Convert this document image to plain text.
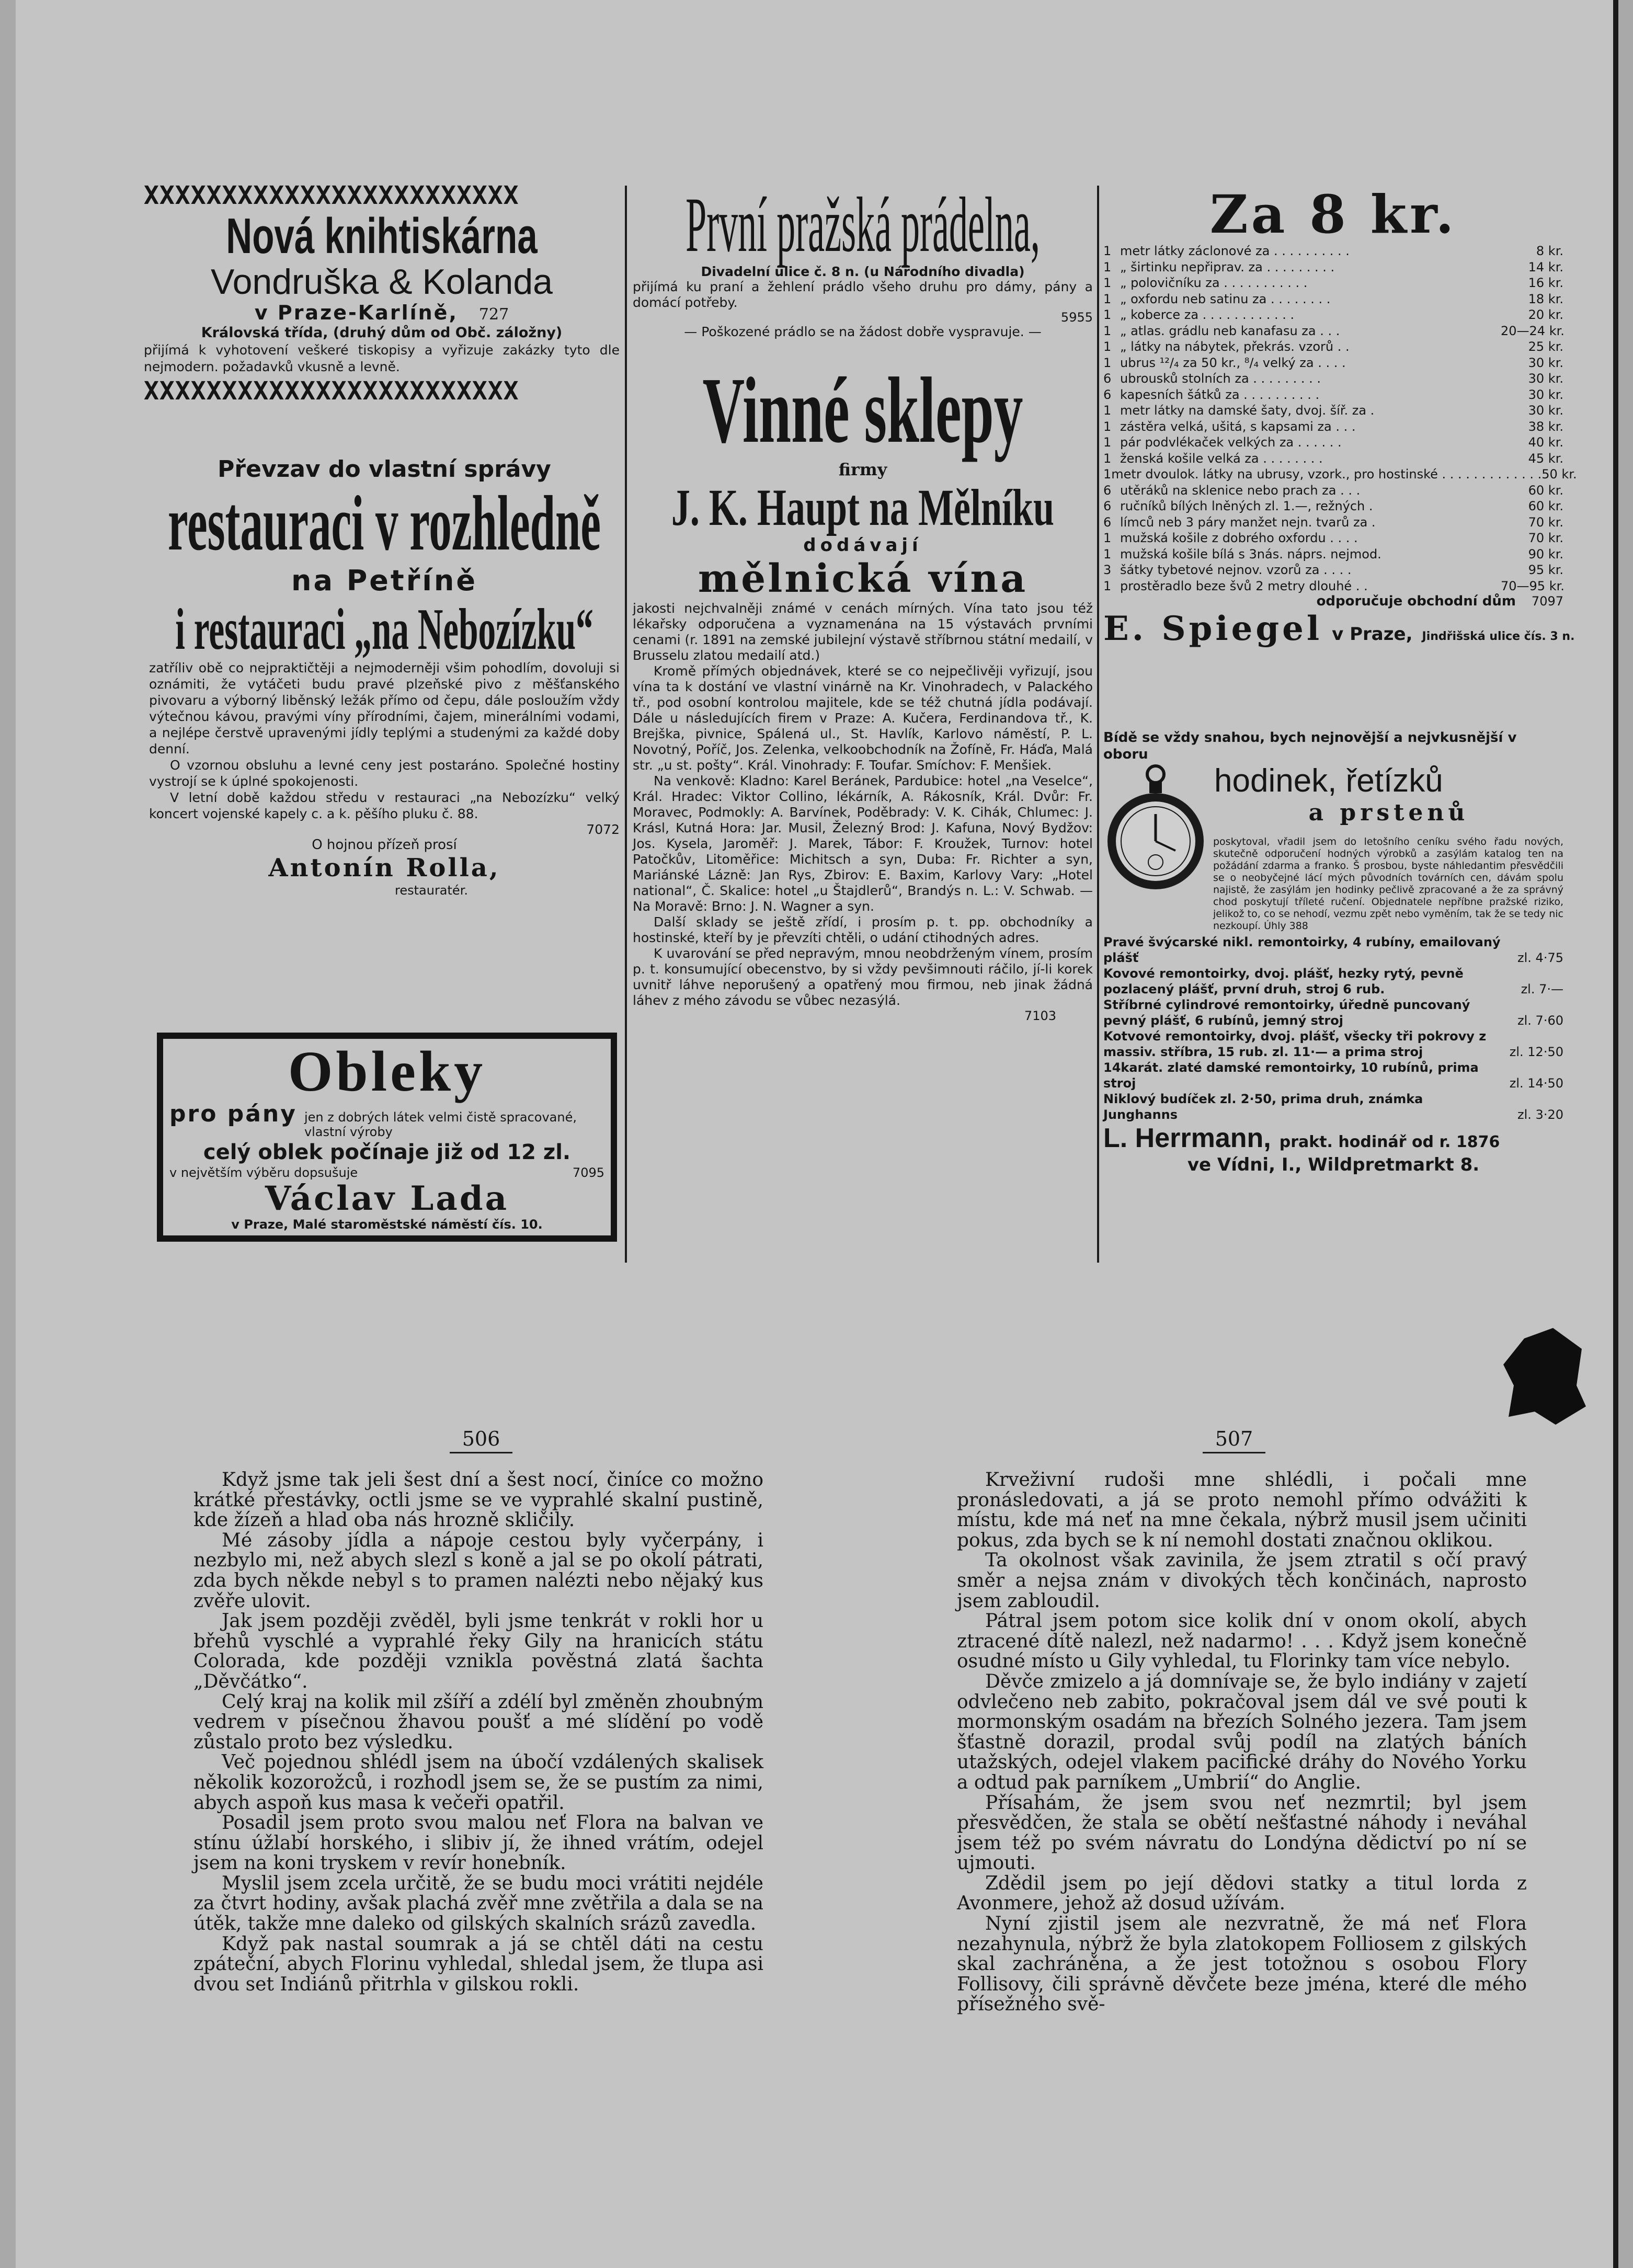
XXXXXXXXXXXXXXXXXXXXXXXX
Nová knihtiskárna
Vondruška & Kolanda
v Praze-Karlíně, 727
Královská třída, (druhý dům od Obč. záložny)
přijímá k vyhotovení veškeré tiskopisy a vyřizuje zakázky tyto dle nejmodern. požadavků vkusně a levně.
XXXXXXXXXXXXXXXXXXXXXXXX
Převzav do vlastní správy
restauraci v rozhledně
na Petříně
i restauraci „na Nebozízku“
zatříliv obě co nejpraktičtěji a nejmoderněji všim pohodlím, dovoluji si oznámiti, že vytáčeti budu pravé plzeňské pivo z měšťanského pivovaru a výborný liběnský ležák přímo od čepu, dále posloužím vždy výtečnou kávou, pravými víny přírodními, čajem, minerálními vodami, a nejlépe čerstvě upravenými jídly teplými a studenými za každé doby denní.
O vzornou obsluhu a levné ceny jest postaráno. Společné hostiny vystrojí se k úplné spokojenosti.
V letní době každou středu v restauraci „na Nebozízku“ velký koncert vojenské kapely c. a k. pěšího pluku č. 88.
7072
O hojnou přízeň prosí
Antonín Rolla,
restauratér.
Obleky
pro pány jen z dobrých látek velmi čistě spracované, vlastní výroby
celý oblek počínaje již od 12 zl.
v největším výběru dopsušuje	7095
Václav Lada
v Praze, Malé staroměstské náměstí čís. 10.
První pražská prádelna,
Divadelní ulice č. 8 n. (u Národního divadla)
přijímá ku praní a žehlení prádlo všeho druhu pro dámy, pány a domácí potřeby.
5955
— Poškozené prádlo se na žádost dobře vyspravuje. —
Vinné sklepy
firmy
J. K. Haupt na Mělníku
dodávají
mělnická vína
jakosti nejchvalněji známé v cenách mírných. Vína tato jsou též lékařsky odporučena a vyznamenána na 15 výstavách prvními cenami (r. 1891 na zemské jubilejní výstavě stříbrnou státní medailí, v Brusselu zlatou medailí atd.)
Kromě přímých objednávek, které se co nejpečlivěji vyřizují, jsou vína ta k dostání ve vlastní vinárně na Kr. Vinohradech, v Palackého tř., pod osobní kontrolou majitele, kde se též chutná jídla podávají. Dále u následujících firem v Praze: A. Kučera, Ferdinandova tř., K. Brejška, pivnice, Spálená ul., St. Havlík, Karlovo náměstí, P. L. Novotný, Poříč, Jos. Zelenka, velkoobchodník na Žofíně, Fr. Háďa, Malá str. „u st. pošty“. Král. Vinohrady: F. Toufar. Smíchov: F. Menšiek.
Na venkově: Kladno: Karel Beránek, Pardubice: hotel „na Veselce“, Král. Hradec: Viktor Collino, lékárník, A. Rákosník, Král. Dvůr: Fr. Moravec, Podmokly: A. Barvínek, Poděbrady: V. K. Cihák, Chlumec: J. Krásl, Kutná Hora: Jar. Musil, Železný Brod: J. Kafuna, Nový Bydžov: Jos. Kysela, Jaroměř: J. Marek, Tábor: F. Kroužek, Turnov: hotel Patočkův, Litoměřice: Michitsch a syn, Duba: Fr. Richter a syn, Mariánské Lázně: Jan Rys, Zbirov: E. Baxim, Karlovy Vary: „Hotel national“, Č. Skalice: hotel „u Štajdlerů“, Brandýs n. L.: V. Schwab. — Na Moravě: Brno: J. N. Wagner a syn.
Další sklady se ještě zřídí, i prosím p. t. pp. obchodníky a hostinské, kteří by je převzíti chtěli, o udání ctihodných adres.
K uvarování se před nepravým, mnou neobdrženým vínem, prosím p. t. konsumující obecenstvo, by si vždy pevšimnouti ráčilo, jí-li korek uvnitř láhve neporušený a opatřený mou firmou, neb jinak žádná láhev z mého závodu se vůbec nezasýlá.
7103
Za 8 kr.
1 metr látky záclonové za . . . . . . . . . .	8 kr.
1 „ širtinku nepřiprav. za . . . . . . . . .	14 kr.
1 „ polovičníku za . . . . . . . . . . .	16 kr.
1 „ oxfordu neb satinu za . . . . . . . .	18 kr.
1 „ koberce za . . . . . . . . . . . .	20 kr.
1 „ atlas. grádlu neb kanafasu za . . .	20—24 kr.
1 „ látky na nábytek, překrás. vzorů . .	25 kr.
1 ubrus ¹²/₄ za 50 kr., ⁸/₄ velký za . . . .	30 kr.
6 ubrousků stolních za . . . . . . . . .	30 kr.
6 kapesních šátků za . . . . . . . . . .	30 kr.
1 metr látky na damské šaty, dvoj. šíř. za .	30 kr.
1 zástěra velká, ušitá, s kapsami za . . .	38 kr.
1 pár podvlékaček velkých za . . . . . .	40 kr.
1 ženská košile velká za . . . . . . . .	45 kr.
1 metr dvoulok. látky na ubrusy, vzork., pro hostinské . . . . . . . . . . . . . 50 kr.
6 utěráků na sklenice nebo prach za . . .	60 kr.
6 ručníků bílých lněných zl. 1.—, režných .	60 kr.
6 límců neb 3 páry manžet nejn. tvarů za .	70 kr.
1 mužská košile z dobrého oxfordu . . . .	70 kr.
1 mužská košile bílá s 3nás. náprs. nejmod.	90 kr.
3 šátky tybetové nejnov. vzorů za . . . .	95 kr.
1 prostěradlo beze švů 2 metry dlouhé . .	70—95 kr.
odporučuje obchodní dům 7097
E. Spiegel v Praze, Jindřišská ulice čís. 3 n.
Bídě se vždy snahou, bych nejnovější a nejvkusnější v oboru
hodinek, řetízků
a prstenů
poskytoval, vřadil jsem do letošního ceníku svého řadu nových, skutečně odporučení hodných výrobků a zasýlám katalog ten na požádání zdarma a franko. Š prosbou, byste náhledantim přesvědčili se o neobyčejné lácí mých původních továrních cen, dávám spolu najistě, že zasýlám jen hodinky pečlivě zpracované a že za správný chod poskytují tříleté ručení. Objednatele nepříbne pražské riziko, jelikož to, co se nehodí, vezmu zpět nebo vyměním, tak že se tedy nic nezkoupí. Úhly 388
Pravé švýcarské nikl. remontoirky, 4 rubíny, emailovaný plášť	zl. 4·75
Kovové remontoirky, dvoj. plášť, hezky rytý, pevně pozlacený plášť, první druh, stroj 6 rub.	zl. 7·—
Stříbrné cylindrové remontoirky, úředně puncovaný pevný plášť, 6 rubínů, jemný stroj	zl. 7·60
Kotvové remontoirky, dvoj. plášť, všecky tři pokrovy z massiv. stříbra, 15 rub. zl. 11·— a prima stroj	zl. 12·50
14karát. zlaté damské remontoirky, 10 rubínů, prima stroj	zl. 14·50
Niklový budíček zl. 2·50, prima druh, známka Junghanns	zl. 3·20
L. Herrmann, prakt. hodinář od r. 1876
ve Vídni, I., Wildpretmarkt 8.
506	507

Když jsme tak jeli šest dní a šest nocí, činíce co možno krátké přestávky, octli jsme se ve vyprahlé skalní pustině, kde žízeň a hlad oba nás hrozně skličily.

Mé zásoby jídla a nápoje cestou byly vyčerpány, i nezbylo mi, než abych slezl s koně a jal se po okolí pátrati, zda bych někde nebyl s to pramen nalézti nebo nějaký kus zvěře ulovit.

Jak jsem později zvěděl, byli jsme tenkrát v rokli hor u břehů vyschlé a vyprahlé řeky Gily na hranicích státu Colorada, kde později vznikla pověstná zlatá šachta „Děvčátko“.

Celý kraj na kolik mil zšíří a zdélí byl změněn zhoubným vedrem v písečnou žhavou poušť a mé slídění po vodě zůstalo proto bez výsledku.

Več pojednou shlédl jsem na úbočí vzdálených skalisek několik kozorožců, i rozhodl jsem se, že se pustím za nimi, abych aspoň kus masa k večeři opatřil.

Posadil jsem proto svou malou neť Flora na balvan ve stínu úžlabí horského, i slibiv jí, že ihned vrátím, odejel jsem na koni tryskem v revír honebník.

Myslil jsem zcela určitě, že se budu moci vrátiti nejdéle za čtvrt hodiny, avšak plachá zvěř mne zvětřila a dala se na útěk, takže mne daleko od gilských skalních srázů zavedla.

Když pak nastal soumrak a já se chtěl dáti na cestu zpáteční, abych Florinu vyhledal, shledal jsem, že tlupa asi dvou set Indiánů přitrhla v gilskou rokli.

Krveživní rudoši mne shlédli, i počali mne pronásledovati, a já se proto nemohl přímo odvážiti k místu, kde má neť na mne čekala, nýbrž musil jsem učiniti pokus, zda bych se k ní nemohl dostati značnou oklikou.

Ta okolnost však zavinila, že jsem ztratil s očí pravý směr a nejsa znám v divokých těch končinách, naprosto jsem zabloudil.

Pátral jsem potom sice kolik dní v onom okolí, abych ztracené dítě nalezl, než nadarmo! . . . Když jsem konečně osudné místo u Gily vyhledal, tu Florinky tam více nebylo.

Děvče zmizelo a já domnívaje se, že bylo indiány v zajetí odvlečeno neb zabito, pokračoval jsem dál ve své pouti k mormonským osadám na březích Solného jezera. Tam jsem šťastně dorazil, prodal svůj podíl na zlatých báních utažských, odejel vlakem pacifické dráhy do Nového Yorku a odtud pak parníkem „Umbrií“ do Anglie.

Přísahám, že jsem svou neť nezmrtil; byl jsem přesvědčen, že stala se obětí nešťastné náhody i neváhal jsem též po svém návratu do Londýna dědictví po ní se ujmouti.

Zdědil jsem po její dědovi statky a titul lorda z Avonmere, jehož až dosud užívám.

Nyní zjistil jsem ale nezvratně, že má neť Flora nezahynula, nýbrž že byla zlatokopem Folliosem z gilských skal zachráněna, a že jest totožnou s osobou Flory Follisovy, čili správně děvčete beze jména, které dle mého přísežného svě-
